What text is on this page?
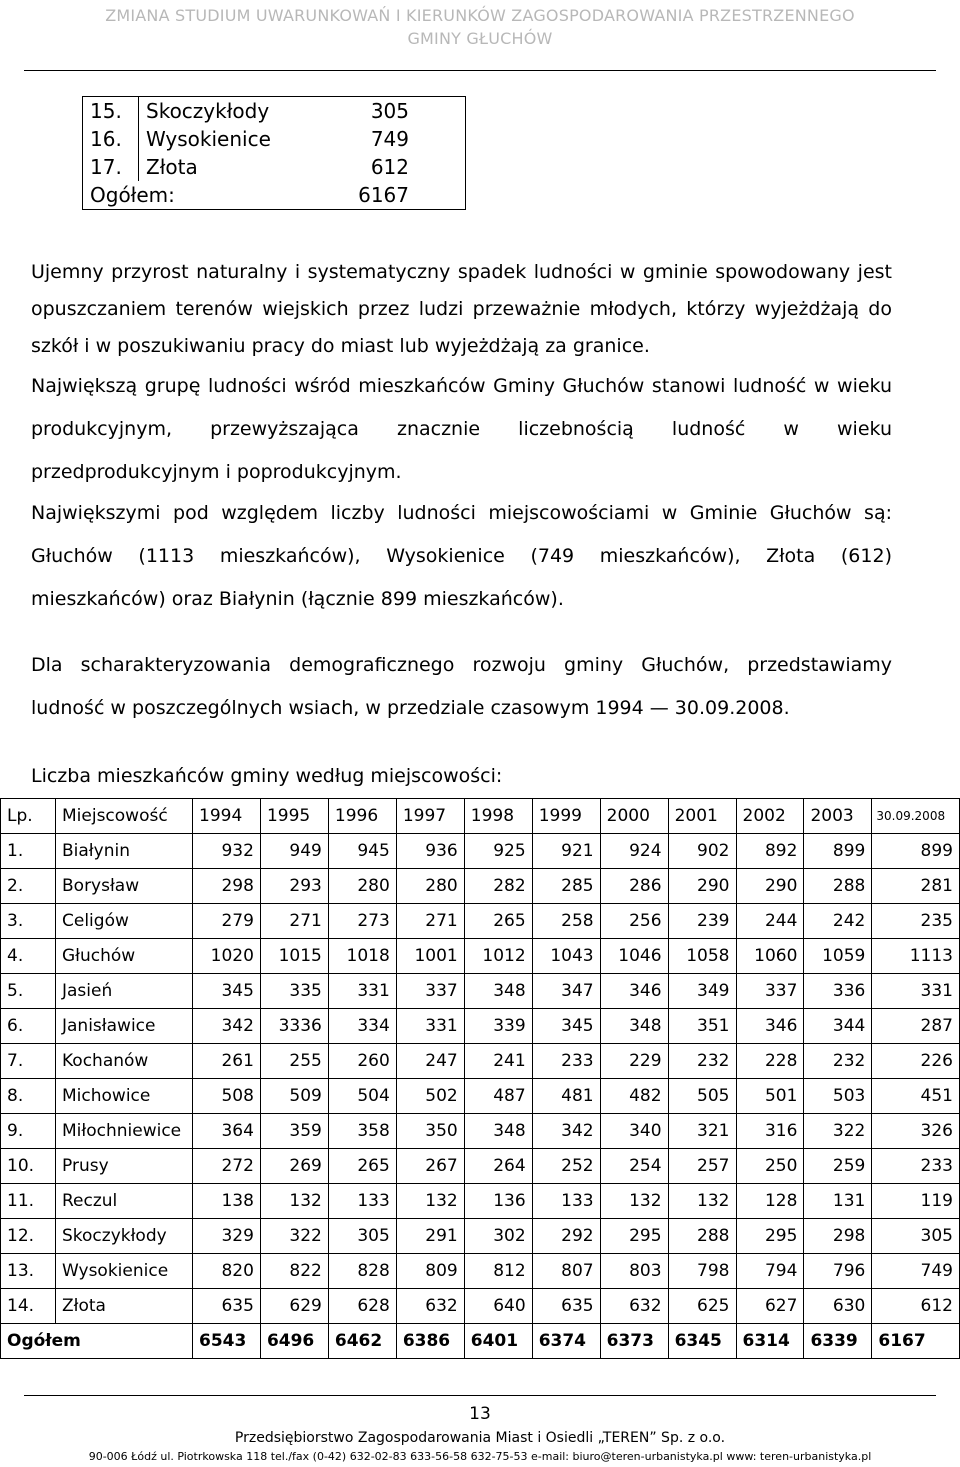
ZMIANA STUDIUM UWARUNKOWAŃ I KIERUNKÓW ZAGOSPODAROWANIA PRZESTRZENNEGO
GMINY GŁUCHÓW
15.	Skoczykłody	305
16.	Wysokienice	749
17.	Złota	612
Ogółem:		6167
Ujemny przyrost naturalny i systematyczny spadek ludności w gminie spowodowany jest opuszczaniem terenów wiejskich przez ludzi przeważnie młodych, którzy wyjeżdżają do szkół i w poszukiwaniu pracy do miast lub wyjeżdżają za granice.
Największą grupę ludności wśród mieszkańców Gminy Głuchów stanowi ludność w wieku produkcyjnym, przewyższająca znacznie liczebnością ludność w wieku przedprodukcyjnym i poprodukcyjnym.
Największymi pod względem liczby ludności miejscowościami w Gminie Głuchów są: Głuchów (1113 mieszkańców), Wysokienice (749 mieszkańców), Złota (612) mieszkańców) oraz Białynin (łącznie 899 mieszkańców).
Dla scharakteryzowania demograficznego rozwoju gminy Głuchów, przedstawiamy ludność w poszczególnych wsiach, w przedziale czasowym 1994 — 30.09.2008.
Liczba mieszkańców gminy według miejscowości:
Lp.	Miejscowość	1994	1995	1996	1997	1998	1999	2000	2001	2002	2003	30.09.2008
1.	Białynin	932	949	945	936	925	921	924	902	892	899	899
2.	Borysław	298	293	280	280	282	285	286	290	290	288	281
3.	Celigów	279	271	273	271	265	258	256	239	244	242	235
4.	Głuchów	1020	1015	1018	1001	1012	1043	1046	1058	1060	1059	1113
5.	Jasień	345	335	331	337	348	347	346	349	337	336	331
6.	Janisławice	342	3336	334	331	339	345	348	351	346	344	287
7.	Kochanów	261	255	260	247	241	233	229	232	228	232	226
8.	Michowice	508	509	504	502	487	481	482	505	501	503	451
9.	Miłochniewice	364	359	358	350	348	342	340	321	316	322	326
10.	Prusy	272	269	265	267	264	252	254	257	250	259	233
11.	Reczul	138	132	133	132	136	133	132	132	128	131	119
12.	Skoczykłody	329	322	305	291	302	292	295	288	295	298	305
13.	Wysokienice	820	822	828	809	812	807	803	798	794	796	749
14.	Złota	635	629	628	632	640	635	632	625	627	630	612
Ogółem		6543	6496	6462	6386	6401	6374	6373	6345	6314	6339	6167
13
Przedsiębiorstwo Zagospodarowania Miast i Osiedli „TEREN” Sp. z o.o.
90-006 Łódź ul. Piotrkowska 118 tel./fax (0-42) 632-02-83 633-56-58 632-75-53 e-mail: biuro@teren-urbanistyka.pl www: teren-urbanistyka.pl
